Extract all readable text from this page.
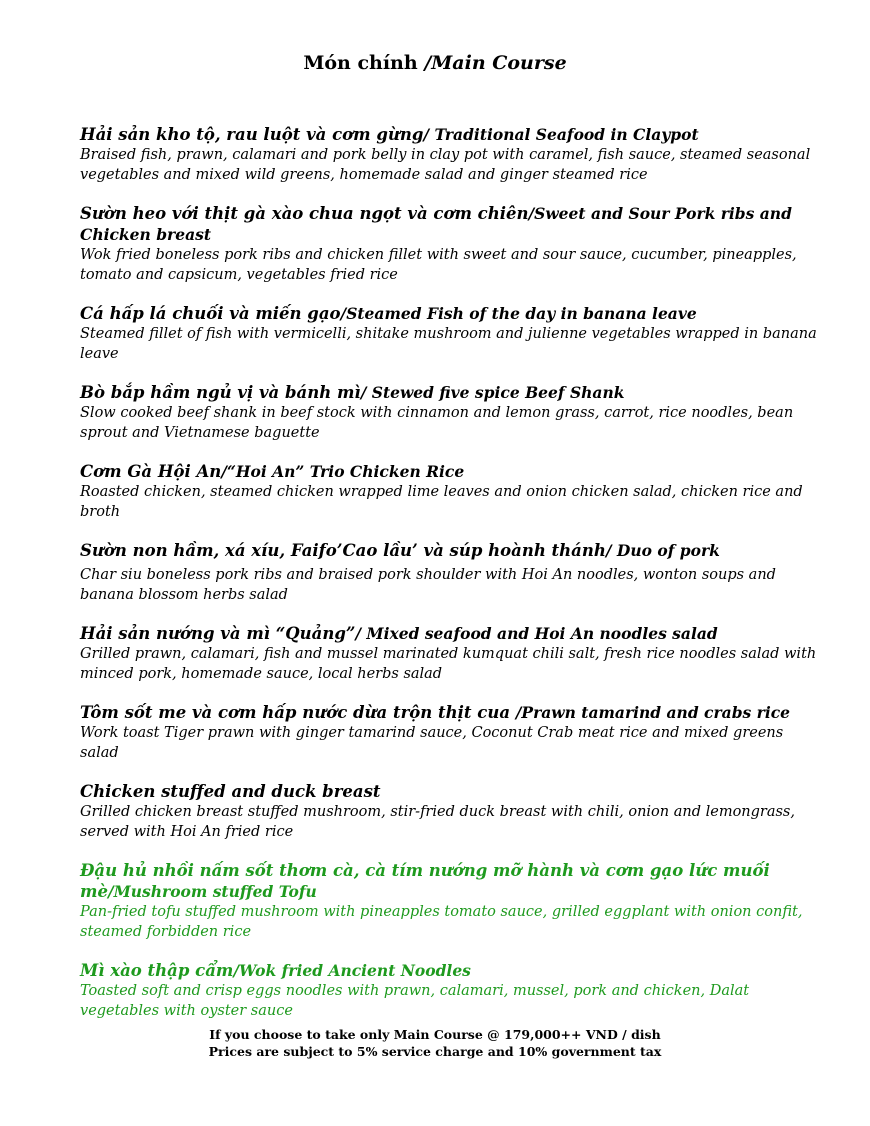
Món chính /Main Course
Hải sản kho tộ, rau luột và cơm gừng/ Traditional Seafood in Claypot
Braised fish, prawn, calamari and pork belly in clay pot with caramel, fish sauce, steamed seasonal vegetables and mixed wild greens, homemade salad and ginger steamed rice
Sườn heo với thịt gà xào chua ngọt và cơm chiên/Sweet and Sour Pork ribs and Chicken breast
Wok fried boneless pork ribs and chicken fillet with sweet and sour sauce, cucumber, pineapples, tomato and capsicum, vegetables fried rice
Cá hấp lá chuối và miến gạo/Steamed Fish of the day in banana leave
Steamed fillet of fish with vermicelli, shitake mushroom and julienne vegetables wrapped in banana leave
Bò bắp hầm ngủ vị và bánh mì/ Stewed five spice Beef Shank
Slow cooked beef shank in beef stock with cinnamon and lemon grass, carrot, rice noodles, bean sprout and Vietnamese baguette
Cơm Gà Hội An/“Hoi An” Trio Chicken Rice
Roasted chicken, steamed chicken wrapped lime leaves and onion chicken salad, chicken rice and broth
Sườn non hầm, xá xíu, Faifo’Cao lầu’ và súp hoành thánh/ Duo of pork
Char siu boneless pork ribs and braised pork shoulder with Hoi An noodles, wonton soups and banana blossom herbs salad
Hải sản nướng và mì “Quảng”/ Mixed seafood and Hoi An noodles salad
Grilled prawn, calamari, fish and mussel marinated kumquat chili salt, fresh rice noodles salad with minced pork, homemade sauce, local herbs salad
Tôm sốt me và cơm hấp nước dừa trộn thịt cua /Prawn tamarind and crabs rice
Work toast Tiger prawn with ginger tamarind sauce, Coconut Crab meat rice and mixed greens salad
Chicken stuffed and duck breast
Grilled chicken breast stuffed mushroom, stir-fried duck breast with chili, onion and lemongrass, served with Hoi An fried rice
Đậu hủ nhồi nấm sốt thơm cà, cà tím nướng mỡ hành và cơm gạo lức muối mè/Mushroom stuffed Tofu
Pan-fried tofu stuffed mushroom with pineapples tomato sauce, grilled eggplant with onion confit, steamed forbidden rice
Mì xào thập cẩm/Wok fried Ancient Noodles
Toasted soft and crisp eggs noodles with prawn, calamari, mussel, pork and chicken, Dalat vegetables with oyster sauce
If you choose to take only Main Course @ 179,000++ VND / dish
Prices are subject to 5% service charge and 10% government tax
